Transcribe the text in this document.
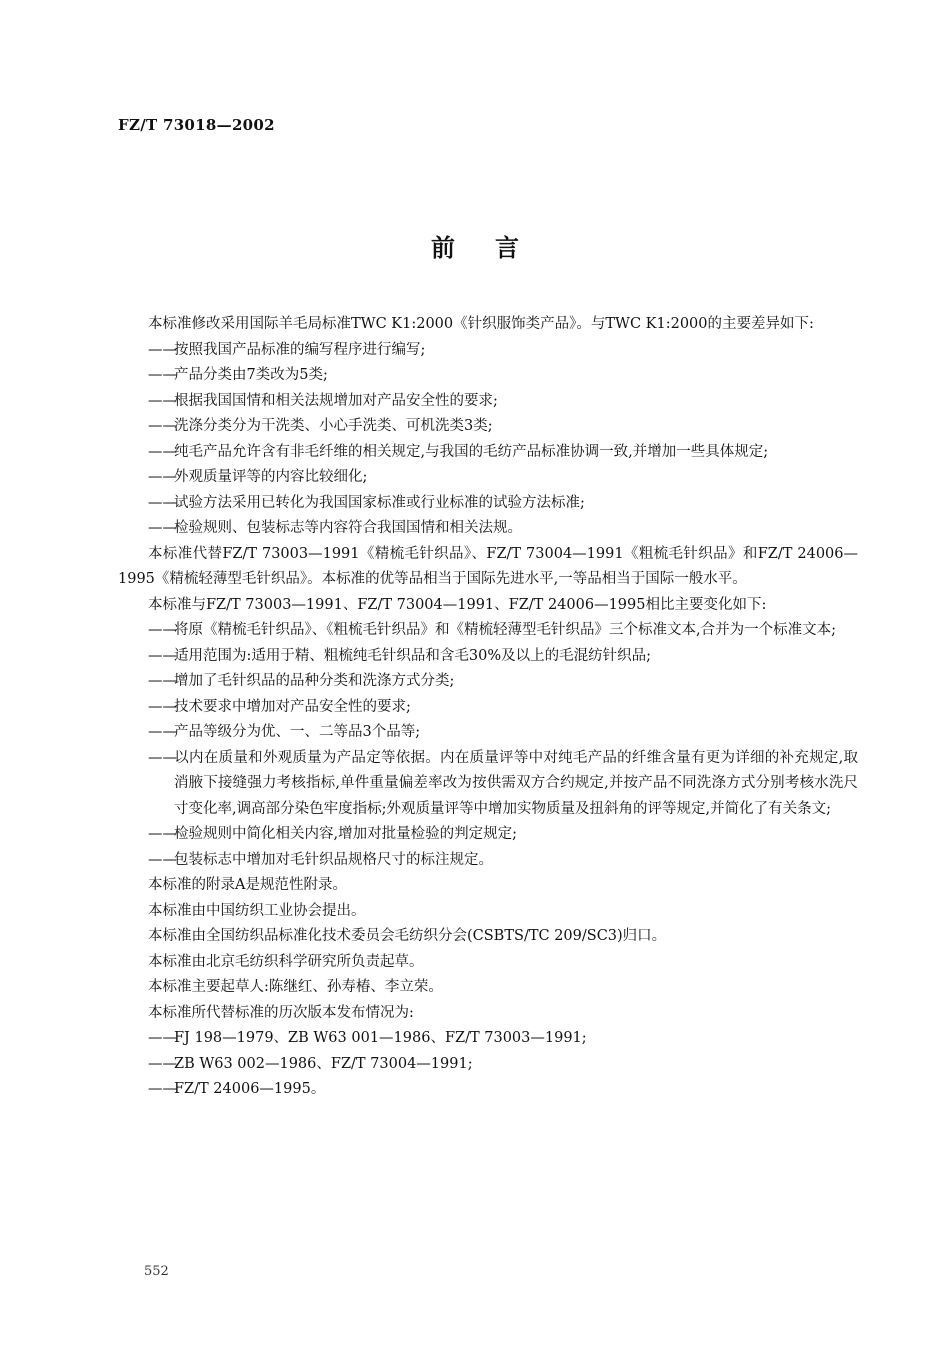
FZ/T 73018—2002
前言

本标准修改采用国际羊毛局标准TWC K1:2000《针织服饰类产品》。与TWC K1:2000的主要差异如下:

——按照我国产品标准的编写程序进行编写;

——产品分类由7类改为5类;

——根据我国国情和相关法规增加对产品安全性的要求;

——洗涤分类分为干洗类、小心手洗类、可机洗类3类;

——纯毛产品允许含有非毛纤维的相关规定,与我国的毛纺产品标准协调一致,并增加一些具体规定;

——外观质量评等的内容比较细化;

——试验方法采用已转化为我国国家标准或行业标准的试验方法标准;

——检验规则、包装标志等内容符合我国国情和相关法规。

本标准代替FZ/T 73003—1991《精梳毛针织品》、FZ/T 73004—1991《粗梳毛针织品》和FZ/T 24006—1995《精梳轻薄型毛针织品》。本标准的优等品相当于国际先进水平,一等品相当于国际一般水平。

本标准与FZ/T 73003—1991、FZ/T 73004—1991、FZ/T 24006—1995相比主要变化如下:

——将原《精梳毛针织品》、《粗梳毛针织品》和《精梳轻薄型毛针织品》三个标准文本,合并为一个标准文本;

——适用范围为:适用于精、粗梳纯毛针织品和含毛30%及以上的毛混纺针织品;

——增加了毛针织品的品种分类和洗涤方式分类;

——技术要求中增加对产品安全性的要求;

——产品等级分为优、一、二等品3个品等;

——以内在质量和外观质量为产品定等依据。内在质量评等中对纯毛产品的纤维含量有更为详细的补充规定,取消腋下接缝强力考核指标,单件重量偏差率改为按供需双方合约规定,并按产品不同洗涤方式分别考核水洗尺寸变化率,调高部分染色牢度指标;外观质量评等中增加实物质量及扭斜角的评等规定,并简化了有关条文;

——检验规则中简化相关内容,增加对批量检验的判定规定;

——包装标志中增加对毛针织品规格尺寸的标注规定。

本标准的附录A是规范性附录。

本标准由中国纺织工业协会提出。

本标准由全国纺织品标准化技术委员会毛纺织分会(CSBTS/TC 209/SC3)归口。

本标准由北京毛纺织科学研究所负责起草。

本标准主要起草人:陈继红、孙寿椿、李立荣。

本标准所代替标准的历次版本发布情况为:

——FJ 198—1979、ZB W63 001—1986、FZ/T 73003—1991;

——ZB W63 002—1986、FZ/T 73004—1991;

——FZ/T 24006—1995。

552
